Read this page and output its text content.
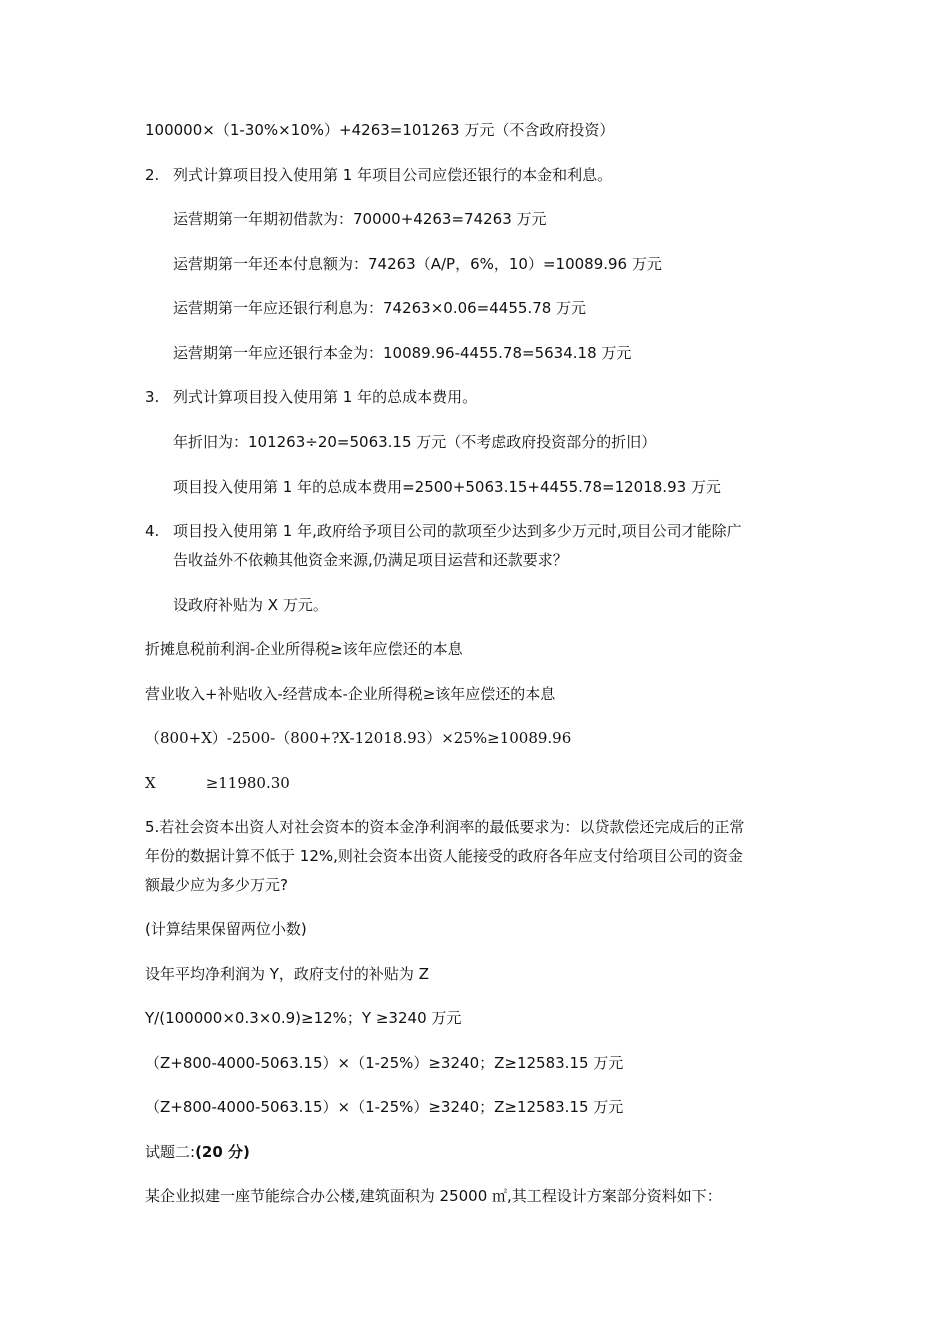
100000×（1-30%×10%）+4263=101263 万元（不含政府投资）
2. 列式计算项目投入使用第 1 年项目公司应偿还银行的本金和利息。
运营期第一年期初借款为：70000+4263=74263 万元
运营期第一年还本付息额为：74263（A/P，6%，10）=10089.96 万元
运营期第一年应还银行利息为：74263×0.06=4455.78 万元
运营期第一年应还银行本金为：10089.96-4455.78=5634.18 万元
3. 列式计算项目投入使用第 1 年的总成本费用。
年折旧为：101263÷20=5063.15 万元（不考虑政府投资部分的折旧）
项目投入使用第 1 年的总成本费用=2500+5063.15+4455.78=12018.93 万元
4. 项目投入使用第 1 年,政府给予项目公司的款项至少达到多少万元时,项目公司才能除广
告收益外不依赖其他资金来源,仍满足项目运营和还款要求？
设政府补贴为 X 万元。
折摊息税前利润-企业所得税≥该年应偿还的本息
营业收入+补贴收入-经营成本-企业所得税≥该年应偿还的本息
（800+X）-2500-（800+?X-12018.93）×25%≥10089.96
X	≥11980.30
5.若社会资本出资人对社会资本的资本金净利润率的最低要求为：以贷款偿还完成后的正常
年份的数据计算不低于 12%,则社会资本出资人能接受的政府各年应支付给项目公司的资金
额最少应为多少万元?
(计算结果保留两位小数)
设年平均净利润为 Y，政府支付的补贴为 Z
Y/(100000×0.3×0.9)≥12%；Y ≥3240 万元
（Z+800-4000-5063.15）×（1-25%）≥3240；Z≥12583.15 万元
（Z+800-4000-5063.15）×（1-25%）≥3240；Z≥12583.15 万元
试题二:(20 分)
某企业拟建一座节能综合办公楼,建筑面积为 25000 ㎡,其工程设计方案部分资料如下：
